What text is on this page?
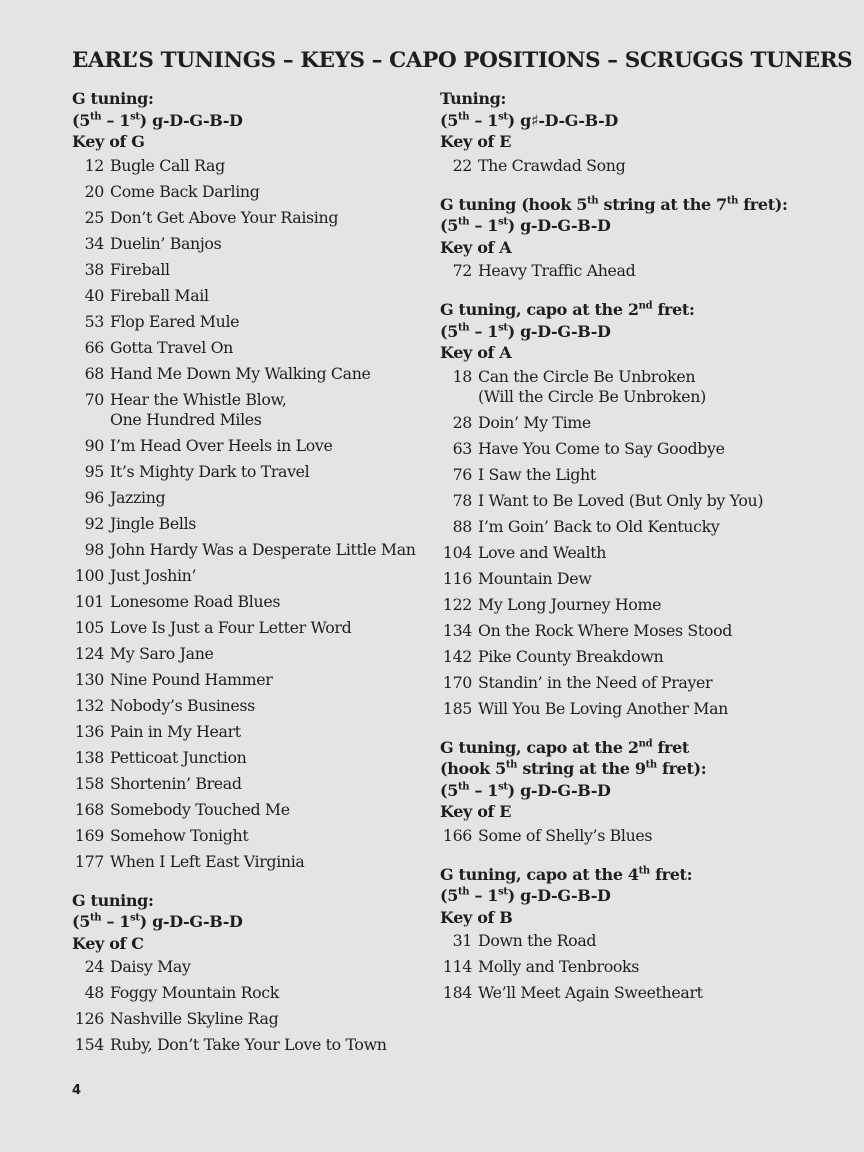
EARL’S TUNINGS – KEYS – CAPO POSITIONS – SCRUGGS TUNERS
G tuning:
(5th – 1st) g-D-G-B-D
Key of G
12 Bugle Call Rag
20 Come Back Darling
25 Don’t Get Above Your Raising
34 Duelin’ Banjos
38 Fireball
40 Fireball Mail
53 Flop Eared Mule
66 Gotta Travel On
68 Hand Me Down My Walking Cane
70 Hear the Whistle Blow,
One Hundred Miles
90 I’m Head Over Heels in Love
95 It’s Mighty Dark to Travel
96 Jazzing
92 Jingle Bells
98 John Hardy Was a Desperate Little Man
100 Just Joshin’
101 Lonesome Road Blues
105 Love Is Just a Four Letter Word
124 My Saro Jane
130 Nine Pound Hammer
132 Nobody’s Business
136 Pain in My Heart
138 Petticoat Junction
158 Shortenin’ Bread
168 Somebody Touched Me
169 Somehow Tonight
177 When I Left East Virginia
G tuning:
(5th – 1st) g-D-G-B-D
Key of C
24 Daisy May
48 Foggy Mountain Rock
126 Nashville Skyline Rag
154 Ruby, Don’t Take Your Love to Town
Tuning:
(5th – 1st) g♯-D-G-B-D
Key of E
22 The Crawdad Song
G tuning (hook 5th string at the 7th fret):
(5th – 1st) g-D-G-B-D
Key of A
72 Heavy Traffic Ahead
G tuning, capo at the 2nd fret:
(5th – 1st) g-D-G-B-D
Key of A
18 Can the Circle Be Unbroken
(Will the Circle Be Unbroken)
28 Doin’ My Time
63 Have You Come to Say Goodbye
76 I Saw the Light
78 I Want to Be Loved (But Only by You)
88 I’m Goin’ Back to Old Kentucky
104 Love and Wealth
116 Mountain Dew
122 My Long Journey Home
134 On the Rock Where Moses Stood
142 Pike County Breakdown
170 Standin’ in the Need of Prayer
185 Will You Be Loving Another Man
G tuning, capo at the 2nd fret
(hook 5th string at the 9th fret):
(5th – 1st) g-D-G-B-D
Key of E
166 Some of Shelly’s Blues
G tuning, capo at the 4th fret:
(5th – 1st) g-D-G-B-D
Key of B
31 Down the Road
114 Molly and Tenbrooks
184 We’ll Meet Again Sweetheart
4
